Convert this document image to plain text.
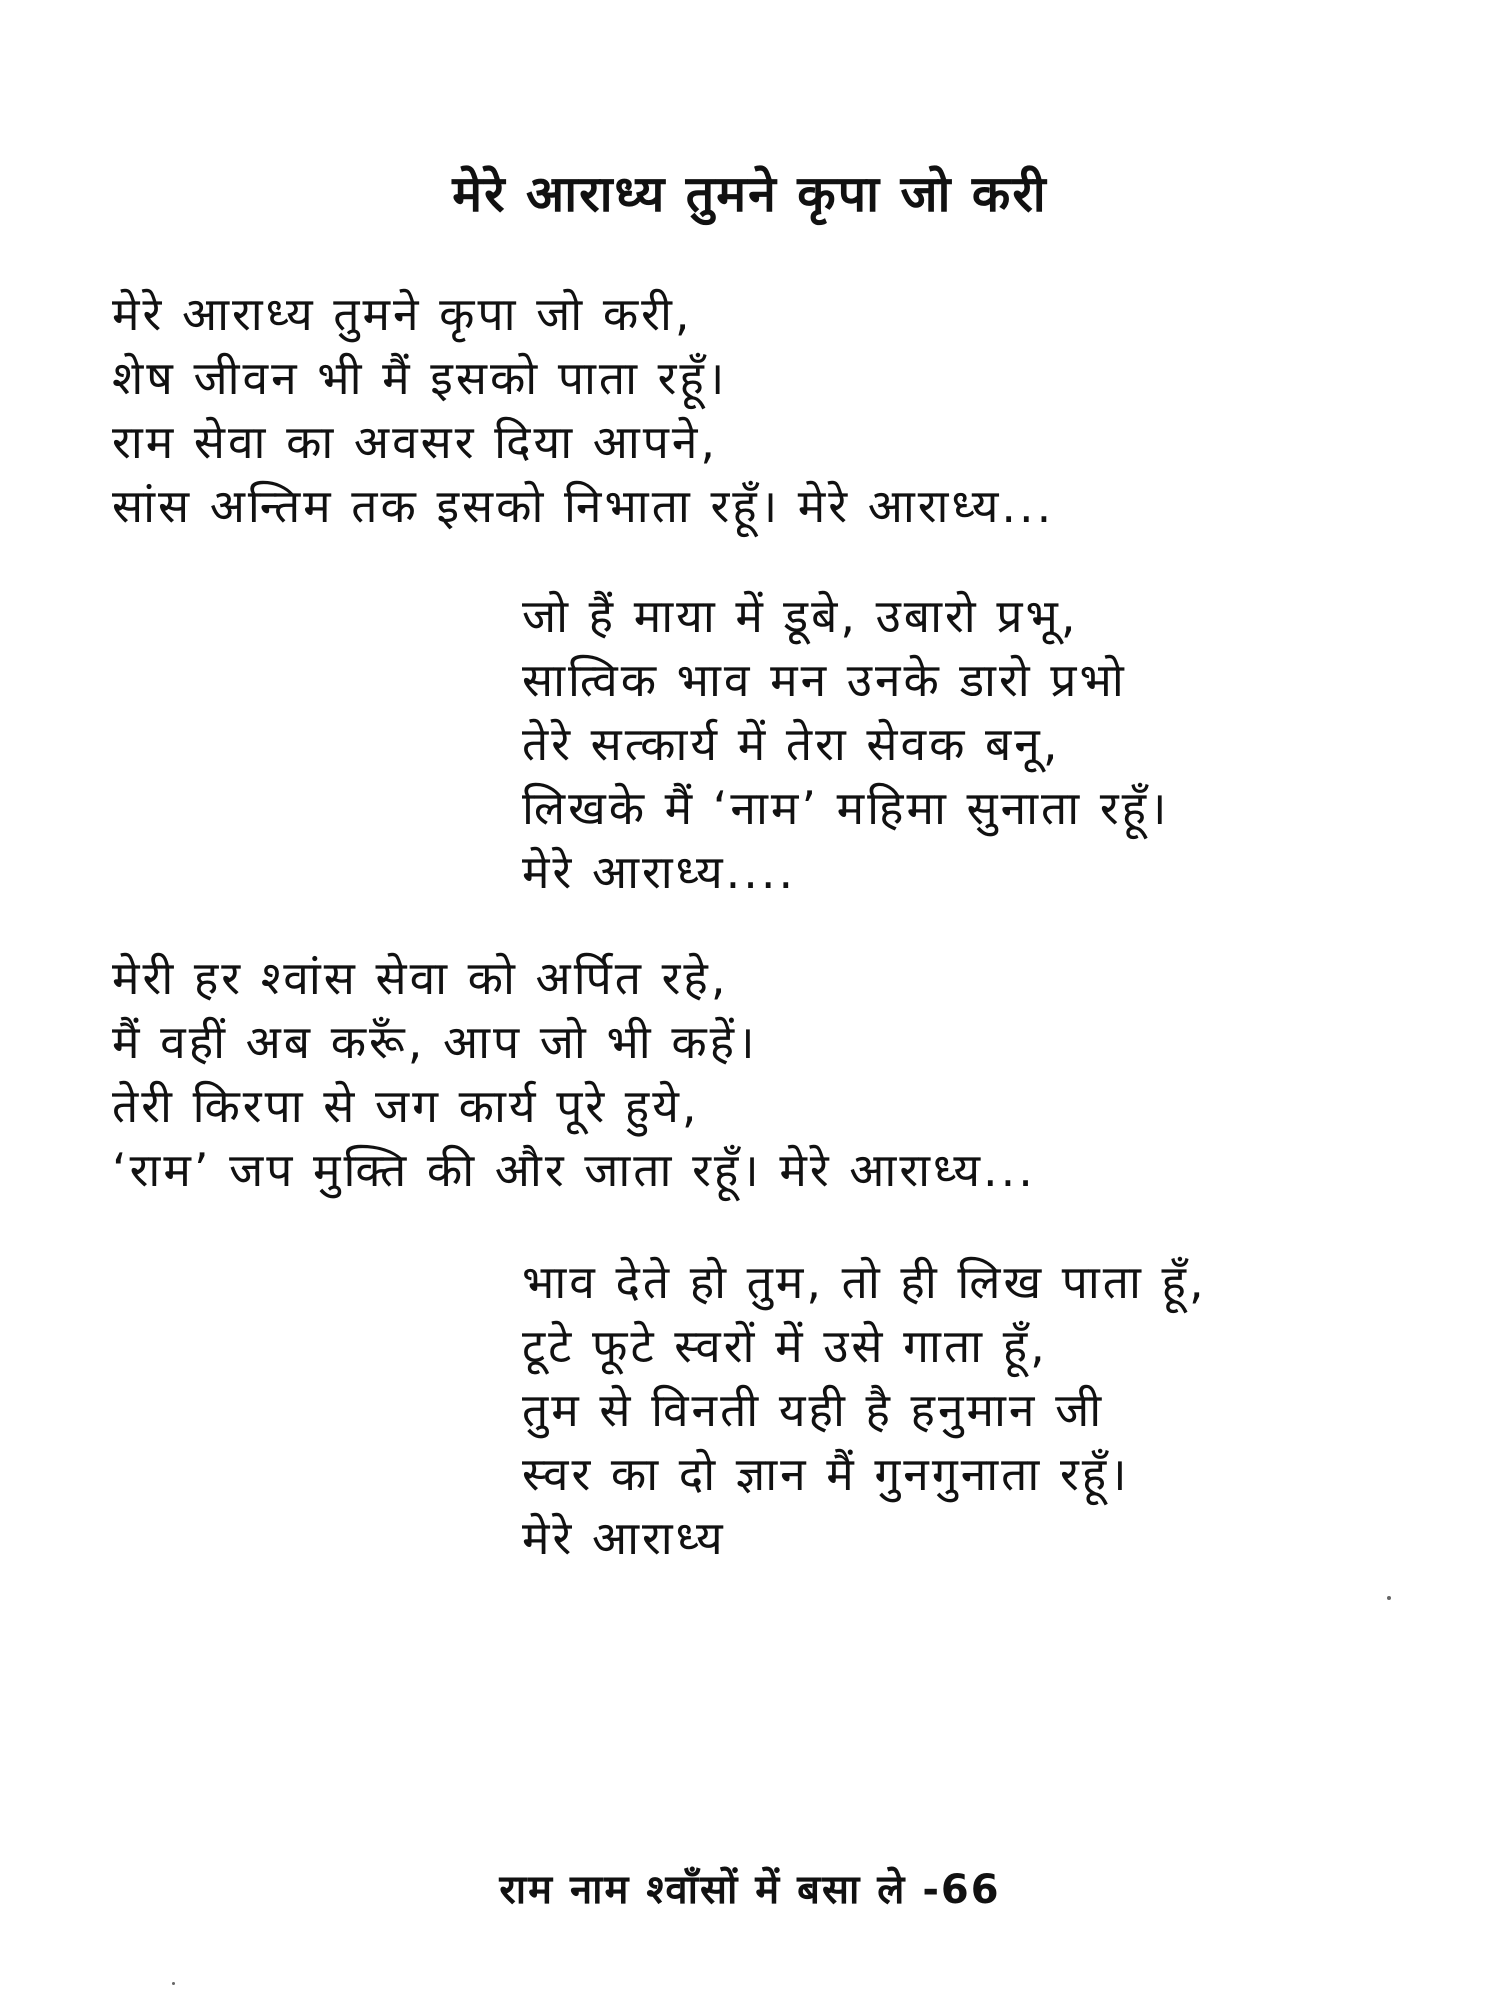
मेरे आराध्य तुमने कृपा जो करी
मेरे आराध्य तुमने कृपा जो करी,
शेष जीवन भी मैं इसको पाता रहूँ।
राम सेवा का अवसर दिया आपने,
सांस अन्तिम तक इसको निभाता रहूँ। मेरे आराध्य...
जो हैं माया में डूबे, उबारो प्रभू,
सात्विक भाव मन उनके डारो प्रभो
तेरे सत्कार्य में तेरा सेवक बनू,
लिखके मैं ‘नाम’ महिमा सुनाता रहूँ।
मेरे आराध्य....
मेरी हर श्वांस सेवा को अर्पित रहे,
मैं वहीं अब करूँ, आप जो भी कहें।
तेरी किरपा से जग कार्य पूरे हुये,
‘राम’ जप मुक्ति की और जाता रहूँ। मेरे आराध्य...
भाव देते हो तुम, तो ही लिख पाता हूँ,
टूटे फूटे स्वरों में उसे गाता हूँ,
तुम से विनती यही है हनुमान जी
स्वर का दो ज्ञान मैं गुनगुनाता रहूँ।
मेरे आराध्य
राम नाम श्वाँसों में बसा ले -66
